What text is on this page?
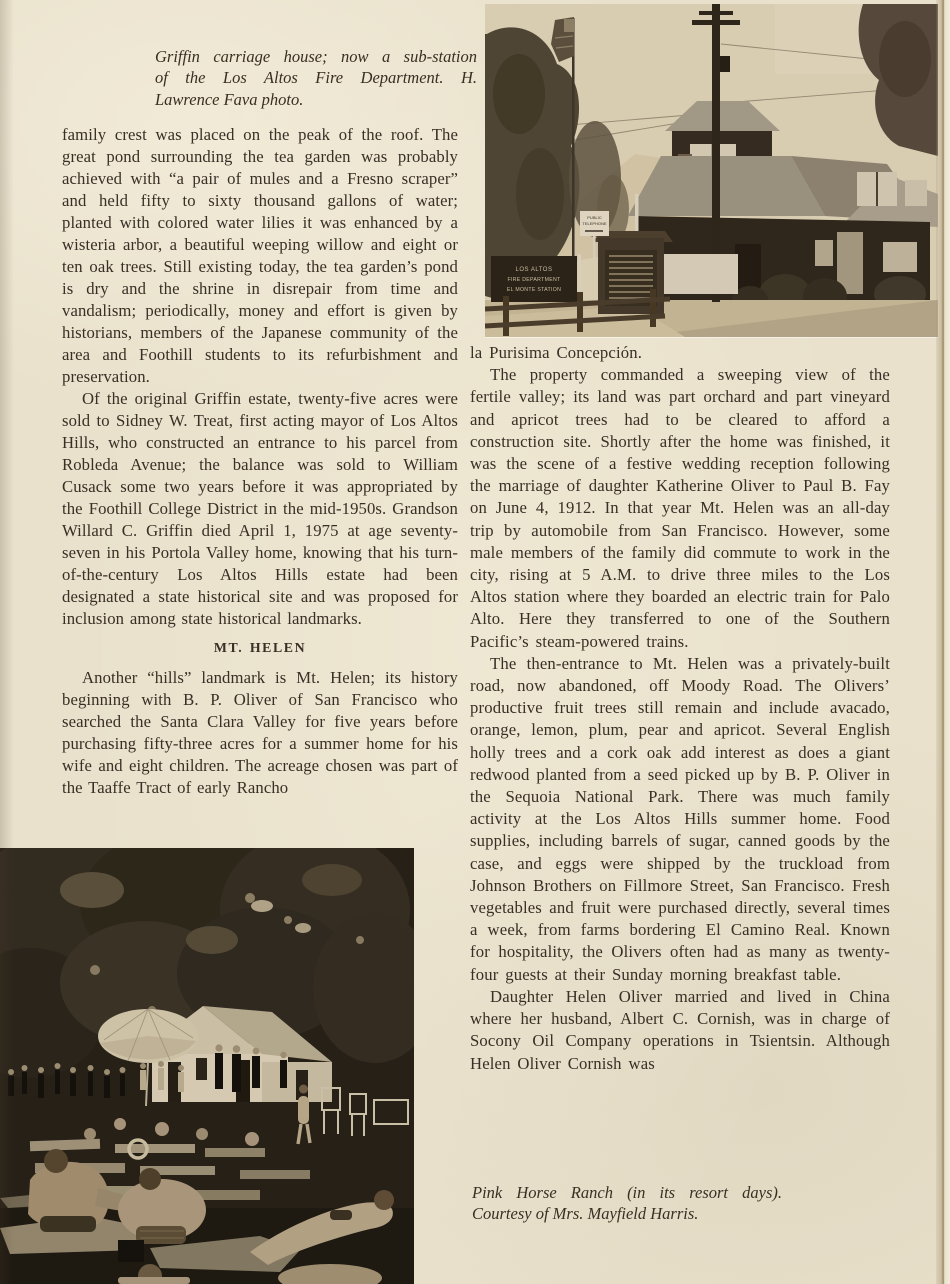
Griffin carriage house; now a sub-station
of the Los Altos Fire Department. H.
Lawrence Fava photo.
PUBLIC
TELEPHONE
LOS ALTOS
FIRE DEPARTMENT
EL MONTE STATION

family crest was placed on the peak of the roof. The great pond surrounding the tea garden was probably achieved with “a pair of mules and a Fresno scraper” and held fifty to sixty thousand gallons of water; planted with colored water lilies it was enhanced by a wisteria arbor, a beautiful weeping willow and eight or ten oak trees. Still existing today, the tea garden’s pond is dry and the shrine in disrepair from time and vandalism; periodically, money and effort is given by historians, members of the Japanese community of the area and Foothill students to its refurbishment and preservation.

Of the original Griffin estate, twenty-five acres were sold to Sidney W. Treat, first acting mayor of Los Altos Hills, who constructed an entrance to his parcel from Robleda Avenue; the balance was sold to William Cusack some two years before it was appropriated by the Foothill College District in the mid-1950s. Grandson Willard C. Griffin died April 1, 1975 at age seventy-seven in his Portola Valley home, knowing that his turn-of-the-century Los Altos Hills estate had been designated a state historical site and was proposed for inclusion among state historical landmarks.

MT. HELEN

Another “hills” landmark is Mt. Helen; its history beginning with B. P. Oliver of San Francisco who searched the Santa Clara Valley for five years before purchasing fifty-three acres for a summer home for his wife and eight children. The acreage chosen was part of the Taaffe Tract of early Rancho

la Purisima Concepción.

The property commanded a sweeping view of the fertile valley; its land was part orchard and part vineyard and apricot trees had to be cleared to afford a construction site. Shortly after the home was finished, it was the scene of a festive wedding reception following the marriage of daughter Katherine Oliver to Paul B. Fay on June 4, 1912. In that year Mt. Helen was an all-day trip by automobile from San Francisco. However, some male members of the family did commute to work in the city, rising at 5 A.M. to drive three miles to the Los Altos station where they boarded an electric train for Palo Alto. Here they transferred to one of the Southern Pacific’s steam-powered trains.

The then-entrance to Mt. Helen was a privately-built road, now abandoned, off Moody Road. The Olivers’ productive fruit trees still remain and include avacado, orange, lemon, plum, pear and apricot. Several English holly trees and a cork oak add interest as does a giant redwood planted from a seed picked up by B. P. Oliver in the Sequoia National Park. There was much family activity at the Los Altos Hills summer home. Food supplies, including barrels of sugar, canned goods by the case, and eggs were shipped by the truckload from Johnson Brothers on Fillmore Street, San Francisco. Fresh vegetables and fruit were purchased directly, several times a week, from farms bordering El Camino Real. Known for hospitality, the Olivers often had as many as twenty-four guests at their Sunday morning breakfast table.

Daughter Helen Oliver married and lived in China where her husband, Albert C. Cornish, was in charge of Socony Oil Company operations in Tsientsin. Although Helen Oliver Cornish was

Pink Horse Ranch (in its resort days).
Courtesy of Mrs. Mayfield Harris.
